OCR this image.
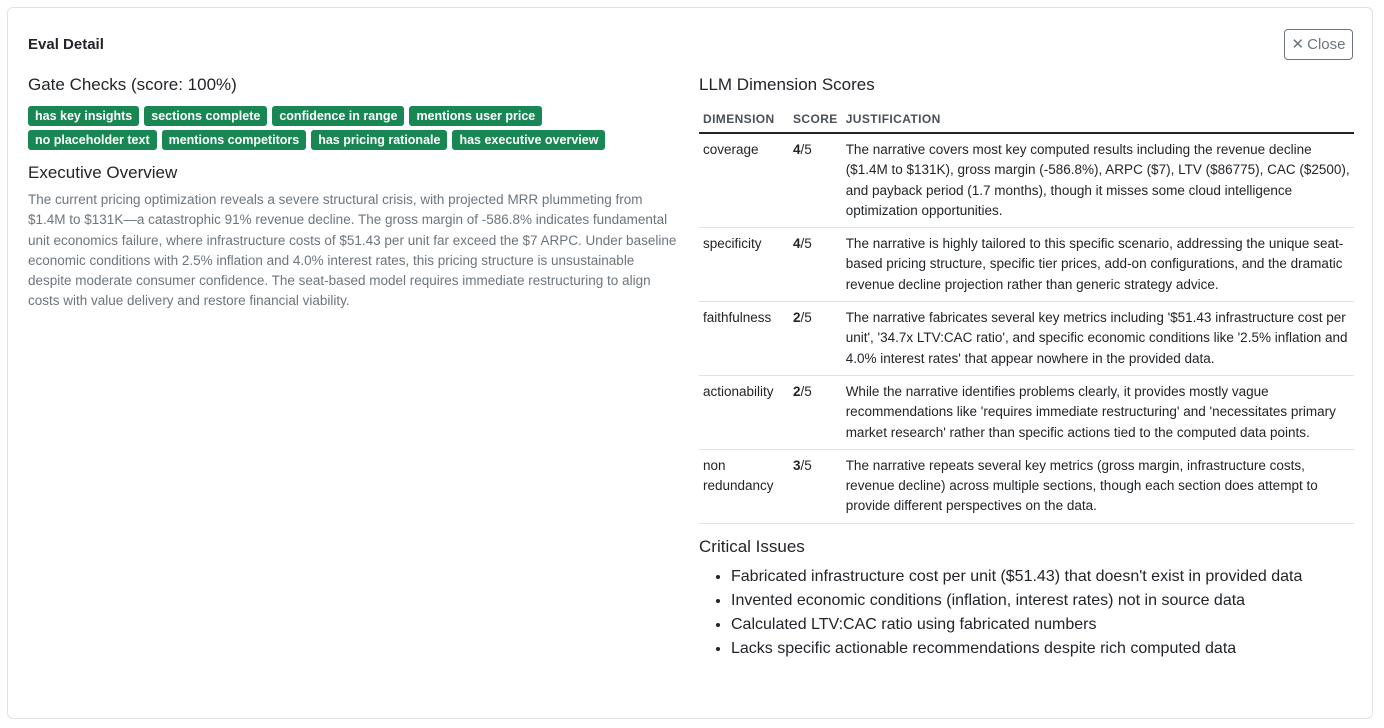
Eval Detail	✕ Close
Gate Checks (score: 100%)
has key insights	sections complete	confidence in range	mentions user price
no placeholder text	mentions competitors	has pricing rationale	has executive overview
Executive Overview

The current pricing optimization reveals a severe structural crisis, with projected MRR plummeting from $1.4M to $131K—a catastrophic 91% revenue decline. The gross margin of -586.8% indicates fundamental unit economics failure, where infrastructure costs of $51.43 per unit far exceed the $7 ARPC. Under baseline economic conditions with 2.5% inflation and 4.0% interest rates, this pricing structure is unsustainable despite moderate consumer confidence. The seat-based model requires immediate restructuring to align costs with value delivery and restore financial viability.

LLM Dimension Scores
DIMENSION	SCORE	JUSTIFICATION
coverage	4/5	The narrative covers most key computed results including the revenue decline ($1.4M to $131K), gross margin (-586.8%), ARPC ($7), LTV ($86775), CAC ($2500), and payback period (1.7 months), though it misses some cloud intelligence optimization opportunities.
specificity	4/5	The narrative is highly tailored to this specific scenario, addressing the unique seat-based pricing structure, specific tier prices, add-on configurations, and the dramatic revenue decline projection rather than generic strategy advice.
faithfulness	2/5	The narrative fabricates several key metrics including '$51.43 infrastructure cost per unit', '34.7x LTV:CAC ratio', and specific economic conditions like '2.5% inflation and 4.0% interest rates' that appear nowhere in the provided data.
actionability	2/5	While the narrative identifies problems clearly, it provides mostly vague recommendations like 'requires immediate restructuring' and 'necessitates primary market research' rather than specific actions tied to the computed data points.
non redundancy	3/5	The narrative repeats several key metrics (gross margin, infrastructure costs, revenue decline) across multiple sections, though each section does attempt to provide different perspectives on the data.
Critical Issues
• Fabricated infrastructure cost per unit ($51.43) that doesn't exist in provided data
• Invented economic conditions (inflation, interest rates) not in source data
• Calculated LTV:CAC ratio using fabricated numbers
• Lacks specific actionable recommendations despite rich computed data
